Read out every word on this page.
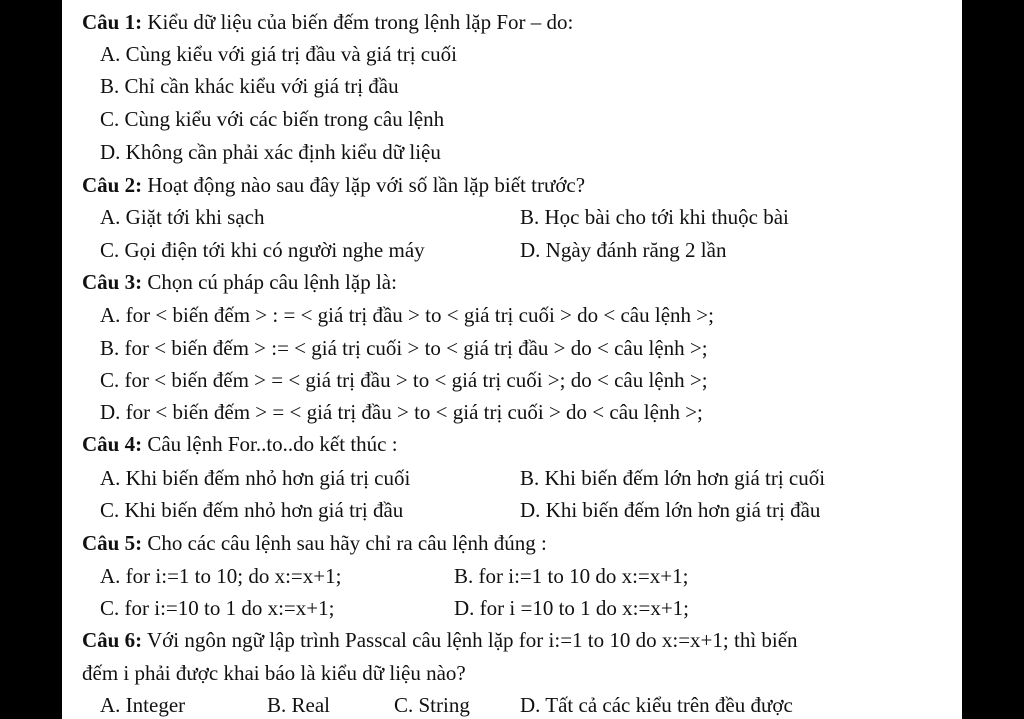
Câu 1: Kiểu dữ liệu của biến đếm trong lệnh lặp For – do:
A. Cùng kiểu với giá trị đầu và giá trị cuối
B. Chỉ cần khác kiểu với giá trị đầu
C. Cùng kiểu với các biến trong câu lệnh
D. Không cần phải xác định kiểu dữ liệu
Câu 2: Hoạt động nào sau đây lặp với số lần lặp biết trước?
A. Giặt tới khi sạch	B. Học bài cho tới khi thuộc bài
C. Gọi điện tới khi có người nghe máy	D. Ngày đánh răng 2 lần
Câu 3: Chọn cú pháp câu lệnh lặp là:
A. for < biến đếm > : = < giá trị đầu > to < giá trị cuối > do < câu lệnh >;
B. for < biến đếm > := < giá trị cuối > to < giá trị đầu > do < câu lệnh >;
C. for < biến đếm > = < giá trị đầu > to < giá trị cuối >; do < câu lệnh >;
D. for < biến đếm > = < giá trị đầu > to < giá trị cuối > do < câu lệnh >;
Câu 4: Câu lệnh For..to..do kết thúc :
A. Khi biến đếm nhỏ hơn giá trị cuối	B. Khi biến đếm lớn hơn giá trị cuối
C. Khi biến đếm nhỏ hơn giá trị đầu	D. Khi biến đếm lớn hơn giá trị đầu
Câu 5: Cho các câu lệnh sau hãy chỉ ra câu lệnh đúng :
A. for i:=1 to 10; do x:=x+1;	B. for i:=1 to 10 do x:=x+1;
C. for i:=10 to 1 do x:=x+1;	D. for i =10 to 1 do x:=x+1;
Câu 6: Với ngôn ngữ lập trình Passcal câu lệnh lặp for i:=1 to 10 do x:=x+1; thì biến
đếm i phải được khai báo là kiểu dữ liệu nào?
A. Integer	B. Real	C. String D. Tất cả các kiểu trên đều được
